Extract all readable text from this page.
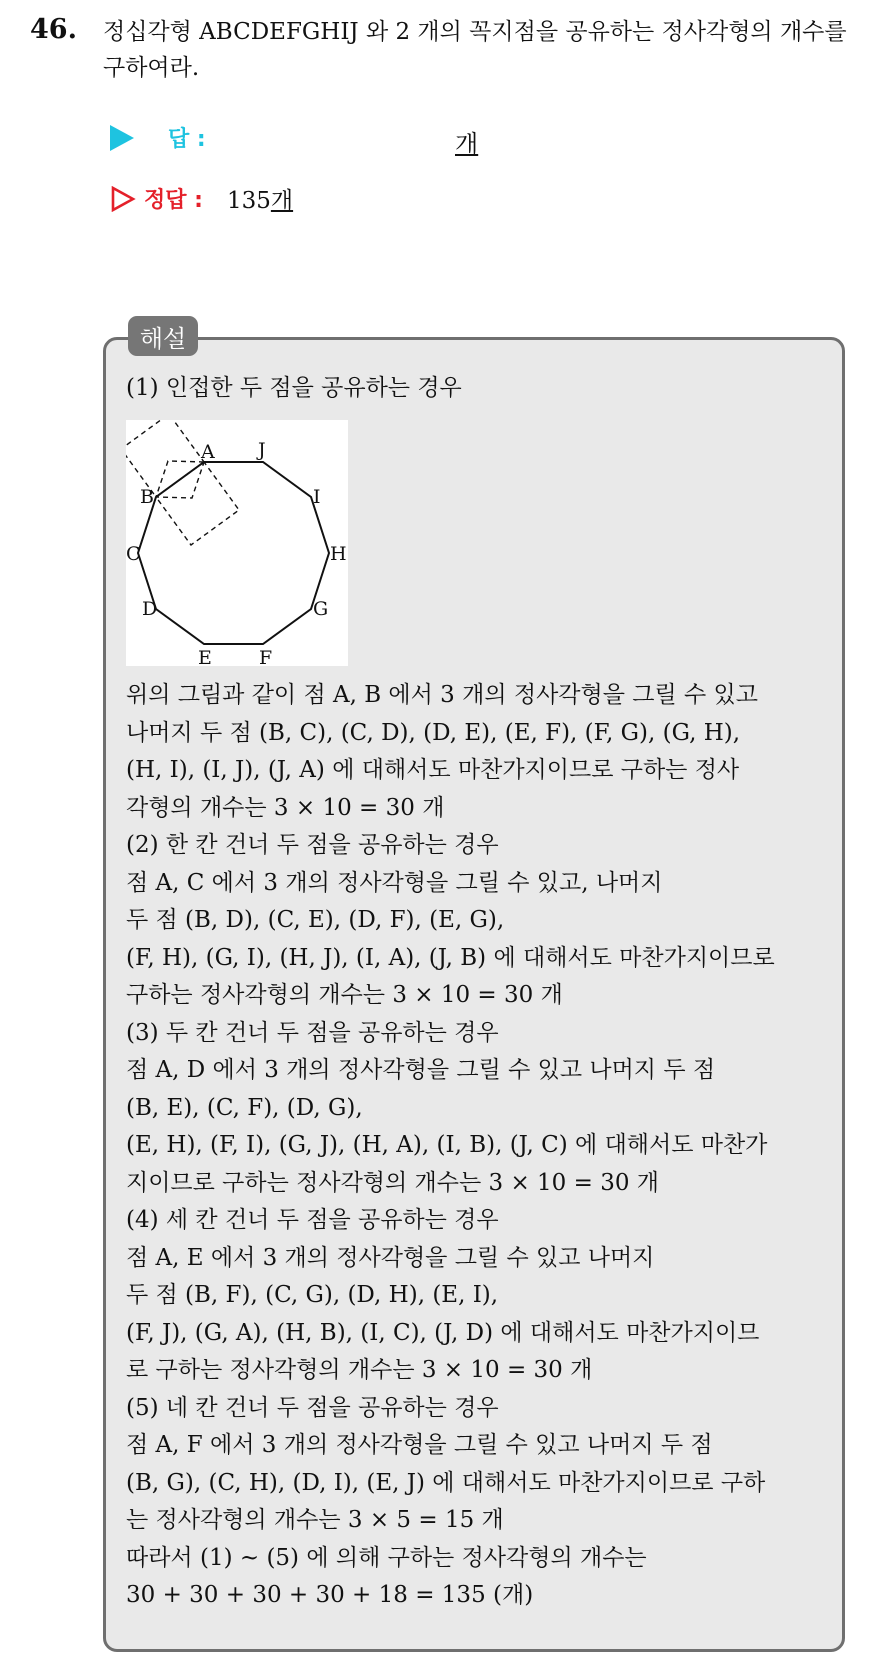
46. 정십각형 ABCDEFGHIJ 와 2 개의 꼭지점을 공유하는 정사각형의 개수를 구하여라.
답 :	개
정답 : 135개
해설
(1) 인접한 두 점을 공유하는 경우
A J
I
H
G
F
E
D
C
B
위의 그림과 같이 점 A, B 에서 3 개의 정사각형을 그릴 수 있고
나머지 두 점 (B, C), (C, D), (D, E), (E, F), (F, G), (G, H),
(H, I), (I, J), (J, A) 에 대해서도 마찬가지이므로 구하는 정사
각형의 개수는 3 × 10 = 30 개
(2) 한 칸 건너 두 점을 공유하는 경우
점 A, C 에서 3 개의 정사각형을 그릴 수 있고, 나머지
두 점 (B, D), (C, E), (D, F), (E, G),
(F, H), (G, I), (H, J), (I, A), (J, B) 에 대해서도 마찬가지이므로
구하는 정사각형의 개수는 3 × 10 = 30 개
(3) 두 칸 건너 두 점을 공유하는 경우
점 A, D 에서 3 개의 정사각형을 그릴 수 있고 나머지 두 점
(B, E), (C, F), (D, G),
(E, H), (F, I), (G, J), (H, A), (I, B), (J, C) 에 대해서도 마찬가
지이므로 구하는 정사각형의 개수는 3 × 10 = 30 개
(4) 세 칸 건너 두 점을 공유하는 경우
점 A, E 에서 3 개의 정사각형을 그릴 수 있고 나머지
두 점 (B, F), (C, G), (D, H), (E, I),
(F, J), (G, A), (H, B), (I, C), (J, D) 에 대해서도 마찬가지이므
로 구하는 정사각형의 개수는 3 × 10 = 30 개
(5) 네 칸 건너 두 점을 공유하는 경우
점 A, F 에서 3 개의 정사각형을 그릴 수 있고 나머지 두 점
(B, G), (C, H), (D, I), (E, J) 에 대해서도 마찬가지이므로 구하
는 정사각형의 개수는 3 × 5 = 15 개
따라서 (1) ~ (5) 에 의해 구하는 정사각형의 개수는
30 + 30 + 30 + 30 + 18 = 135 (개)
